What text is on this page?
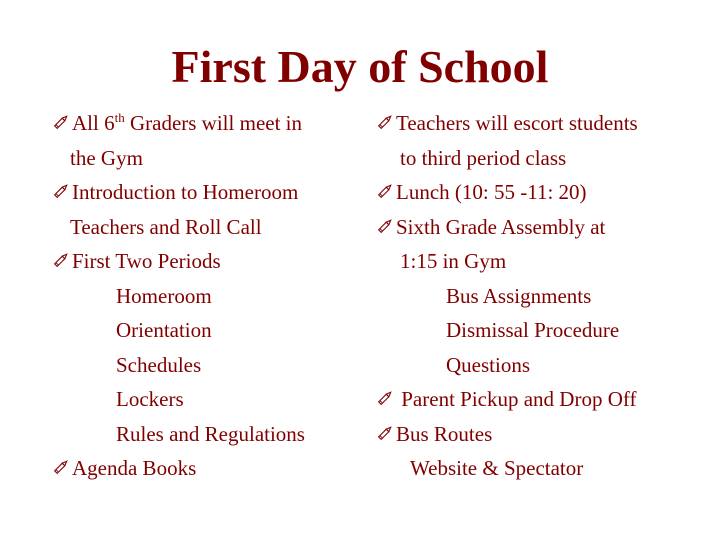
First Day of School
All 6th Graders will meet in
the Gym
Introduction to Homeroom
Teachers and Roll Call
First Two Periods
Homeroom
Orientation
Schedules
Lockers
Rules and Regulations
Agenda Books
Teachers will escort students
to third period class
Lunch (10: 55 -11: 20)
Sixth Grade Assembly at
1:15 in Gym
Bus Assignments
Dismissal Procedure
Questions
Parent Pickup and Drop Off
Bus Routes
Website & Spectator
